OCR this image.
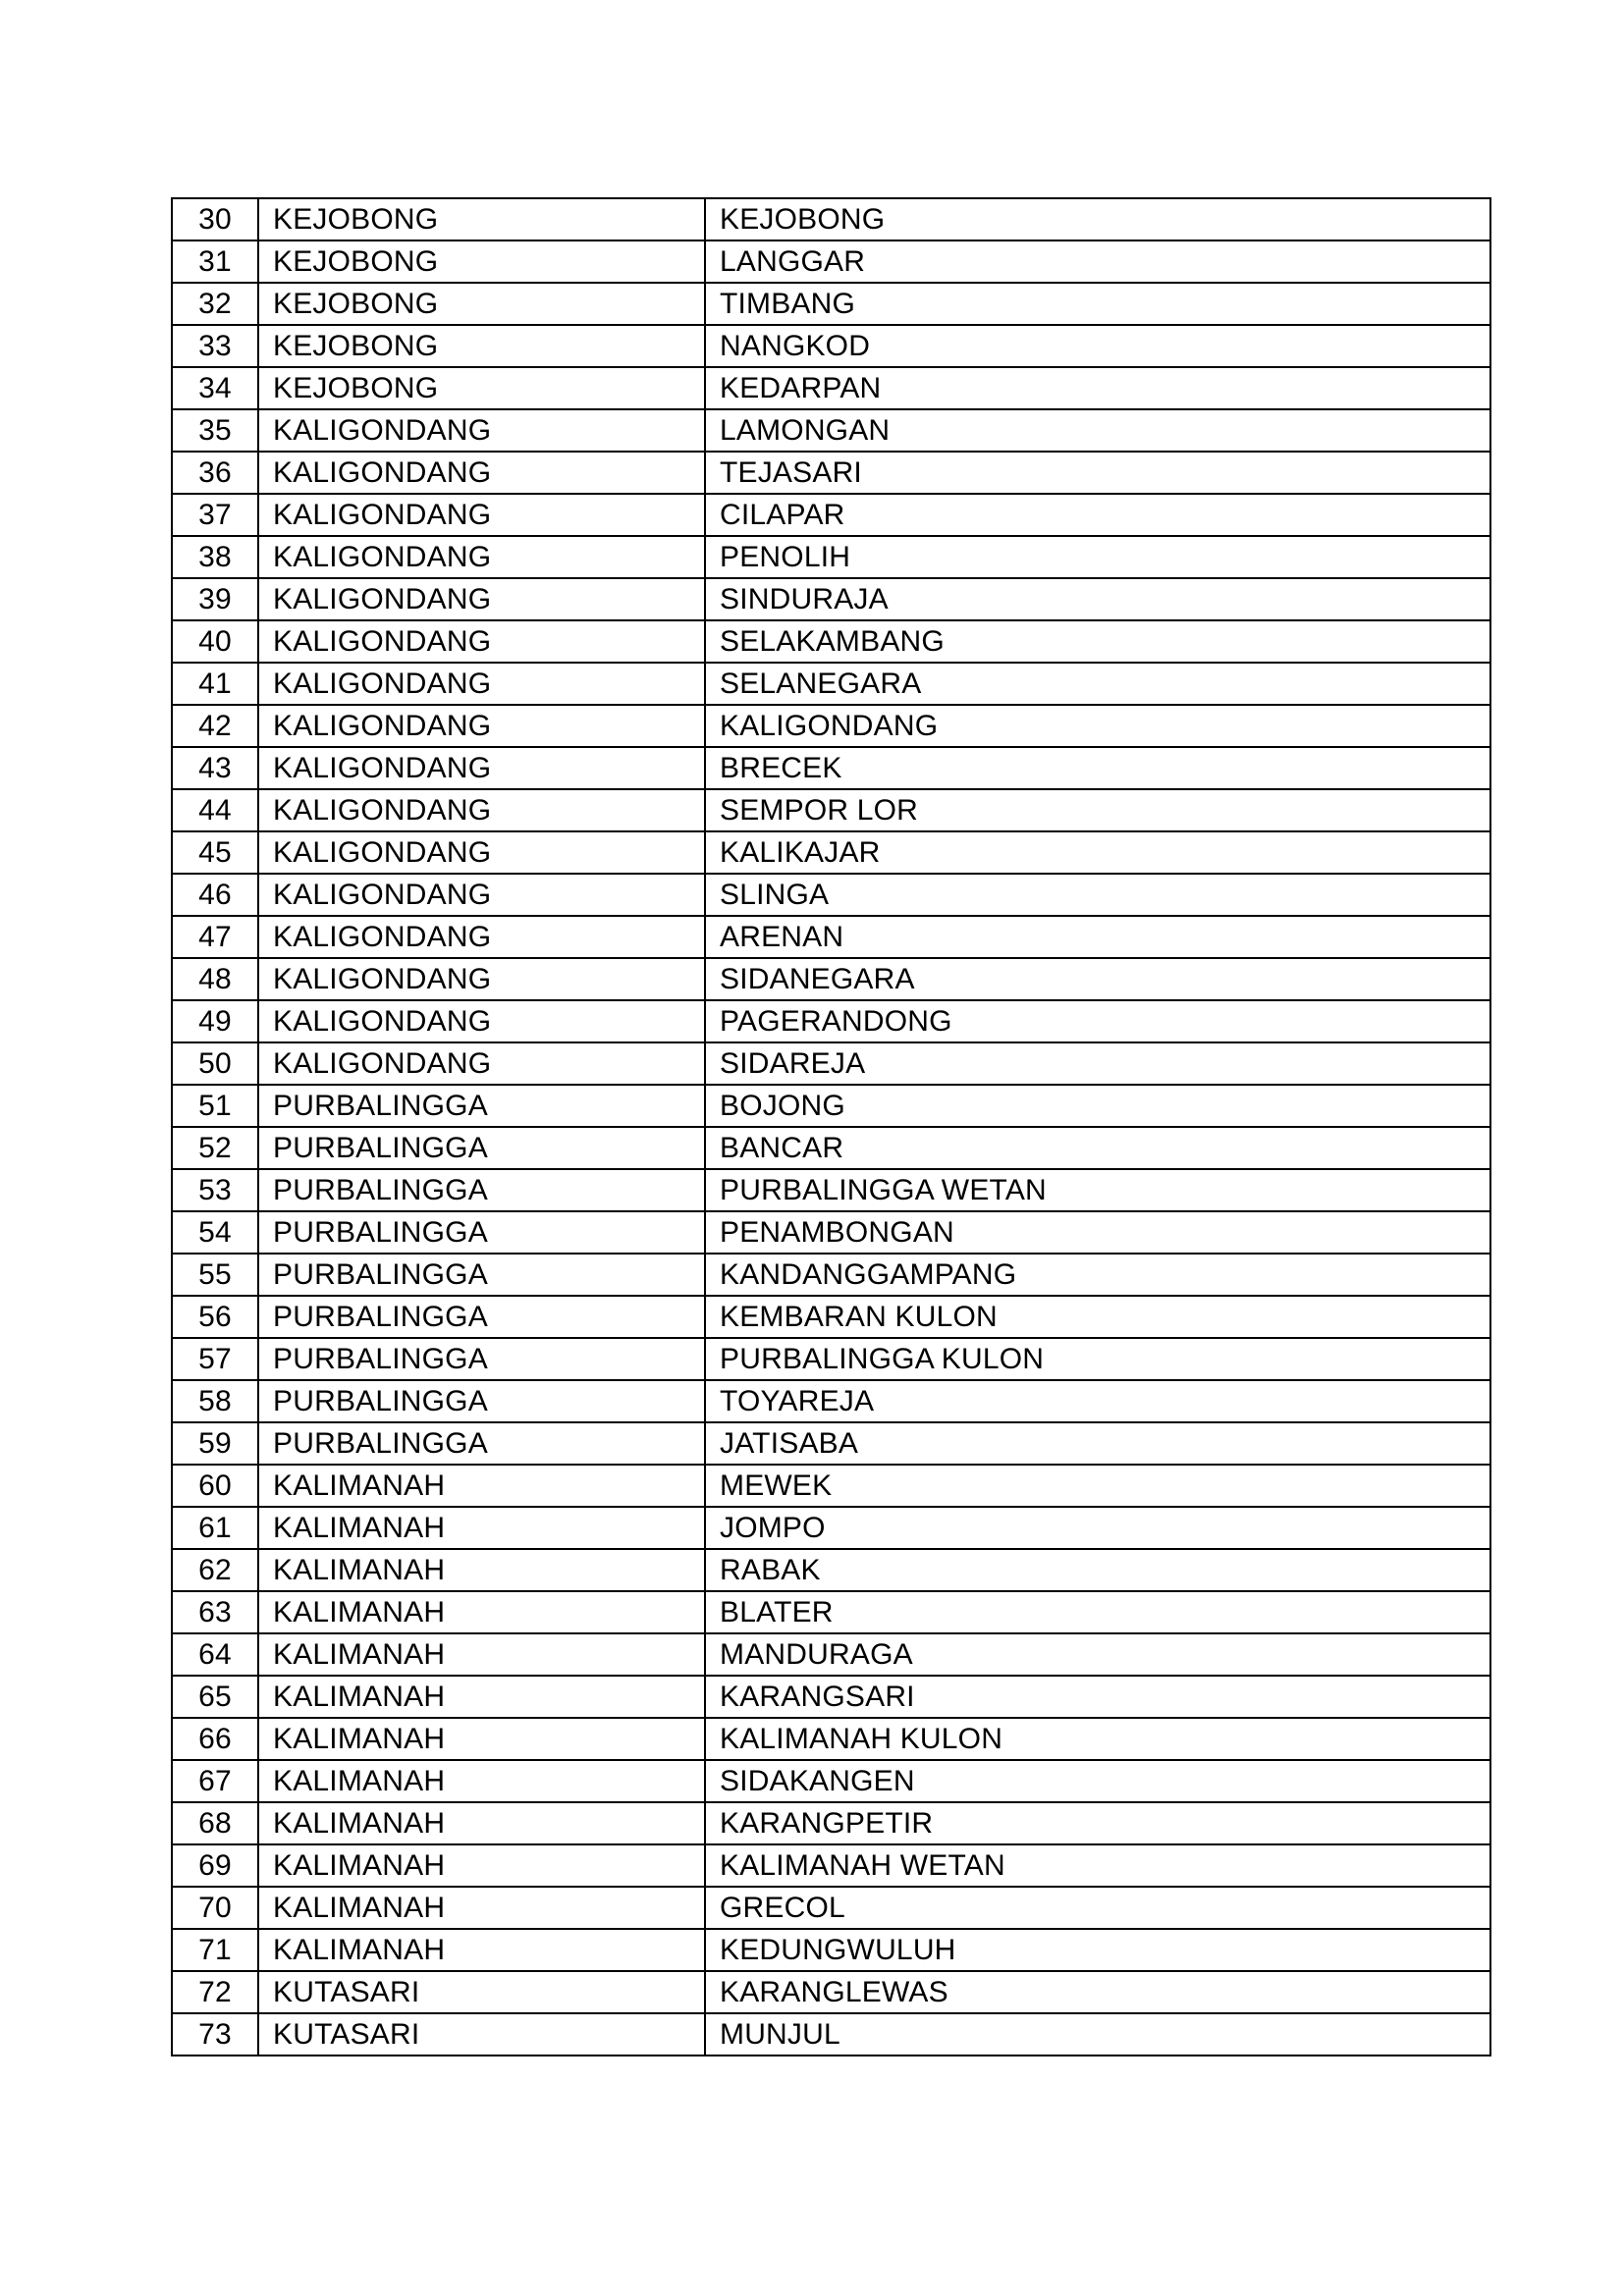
30	KEJOBONG	KEJOBONG
31	KEJOBONG	LANGGAR
32	KEJOBONG	TIMBANG
33	KEJOBONG	NANGKOD
34	KEJOBONG	KEDARPAN
35	KALIGONDANG	LAMONGAN
36	KALIGONDANG	TEJASARI
37	KALIGONDANG	CILAPAR
38	KALIGONDANG	PENOLIH
39	KALIGONDANG	SINDURAJA
40	KALIGONDANG	SELAKAMBANG
41	KALIGONDANG	SELANEGARA
42	KALIGONDANG	KALIGONDANG
43	KALIGONDANG	BRECEK
44	KALIGONDANG	SEMPOR LOR
45	KALIGONDANG	KALIKAJAR
46	KALIGONDANG	SLINGA
47	KALIGONDANG	ARENAN
48	KALIGONDANG	SIDANEGARA
49	KALIGONDANG	PAGERANDONG
50	KALIGONDANG	SIDAREJA
51	PURBALINGGA	BOJONG
52	PURBALINGGA	BANCAR
53	PURBALINGGA	PURBALINGGA WETAN
54	PURBALINGGA	PENAMBONGAN
55	PURBALINGGA	KANDANGGAMPANG
56	PURBALINGGA	KEMBARAN KULON
57	PURBALINGGA	PURBALINGGA KULON
58	PURBALINGGA	TOYAREJA
59	PURBALINGGA	JATISABA
60	KALIMANAH	MEWEK
61	KALIMANAH	JOMPO
62	KALIMANAH	RABAK
63	KALIMANAH	BLATER
64	KALIMANAH	MANDURAGA
65	KALIMANAH	KARANGSARI
66	KALIMANAH	KALIMANAH KULON
67	KALIMANAH	SIDAKANGEN
68	KALIMANAH	KARANGPETIR
69	KALIMANAH	KALIMANAH WETAN
70	KALIMANAH	GRECOL
71	KALIMANAH	KEDUNGWULUH
72	KUTASARI	KARANGLEWAS
73	KUTASARI	MUNJUL
